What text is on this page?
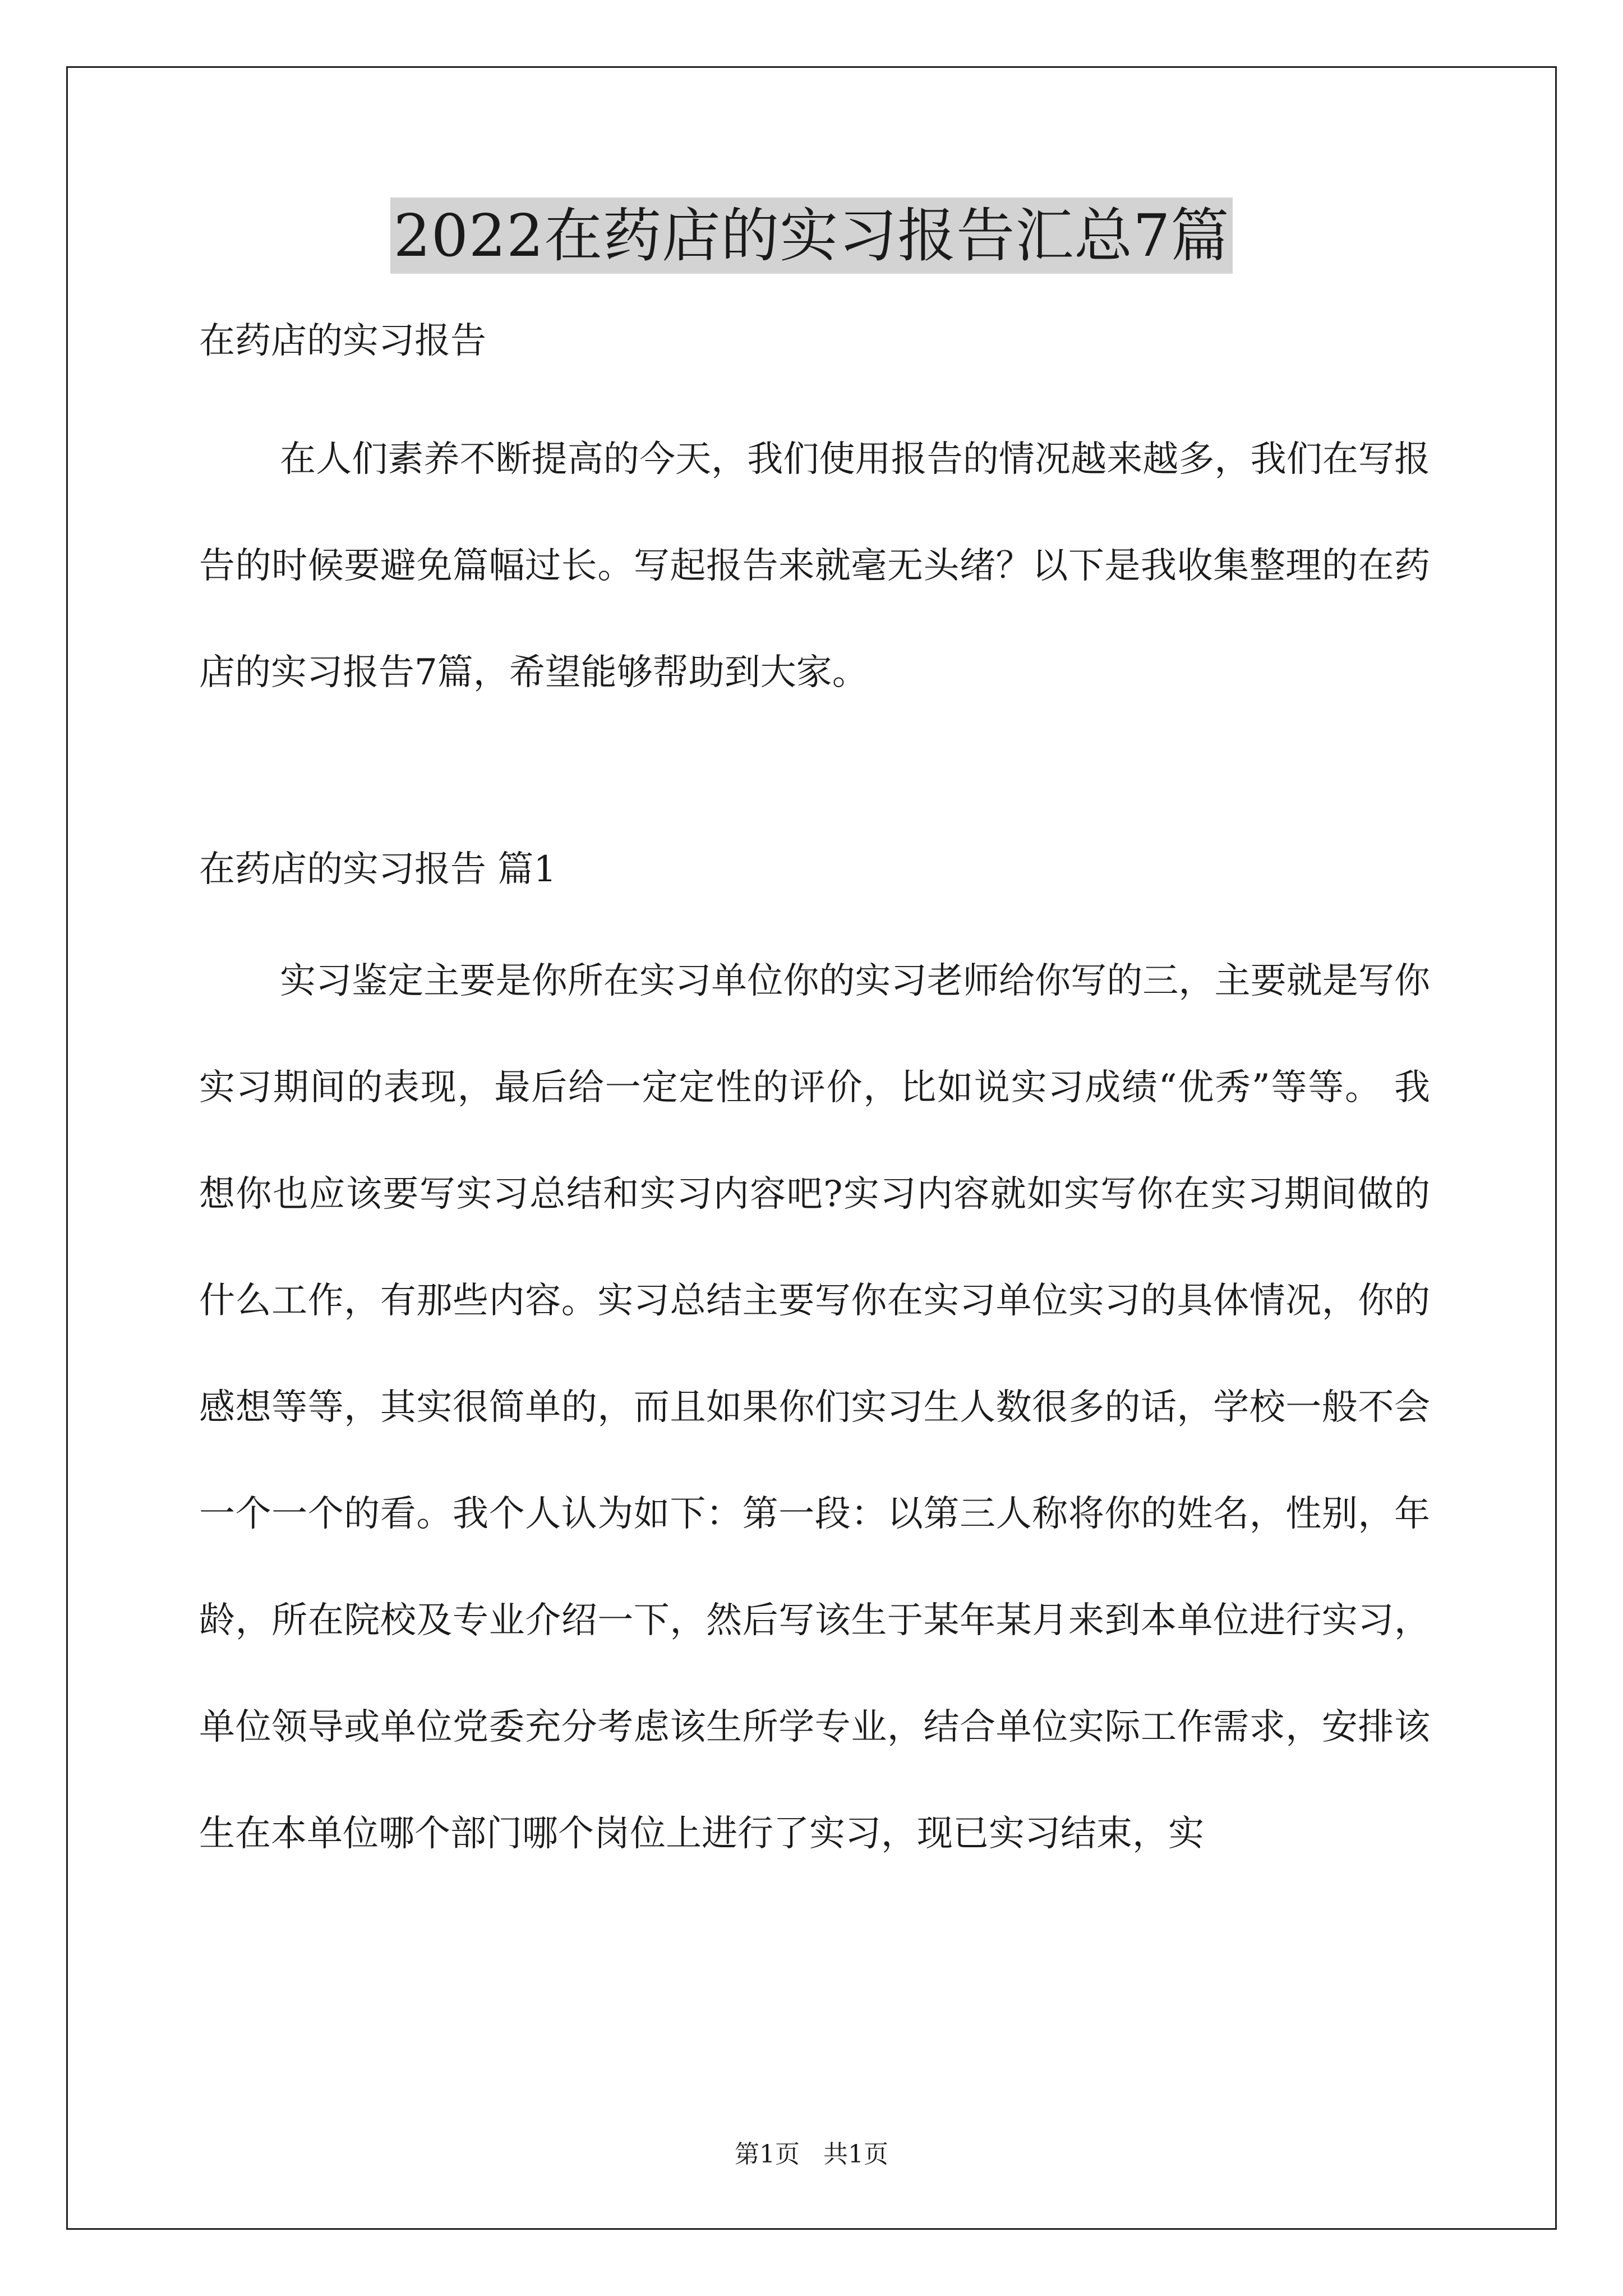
2022在药店的实习报告汇总7篇

在药店的实习报告

在人们素养不断提高的今天，我们使用报告的情况越来越多，我们在写报告的时候要避免篇幅过长。写起报告来就毫无头绪？以下是我收集整理的在药店的实习报告7篇，希望能够帮助到大家。

在药店的实习报告 篇1

实习鉴定主要是你所在实习单位你的实习老师给你写的三，主要就是写你实习期间的表现，最后给一定定性的评价，比如说实习成绩“优秀”等等。 我想你也应该要写实习总结和实习内容吧?实习内容就如实写你在实习期间做的什么工作，有那些内容。实习总结主要写你在实习单位实习的具体情况，你的感想等等，其实很简单的，而且如果你们实习生人数很多的话，学校一般不会一个一个的看。我个人认为如下：第一段：以第三人称将你的姓名，性别，年龄，所在院校及专业介绍一下，然后写该生于某年某月来到本单位进行实习，单位领导或单位党委充分考虑该生所学专业，结合单位实际工作需求，安排该生在本单位哪个部门哪个岗位上进行了实习，现已实习结束，实

第1页   共1页
